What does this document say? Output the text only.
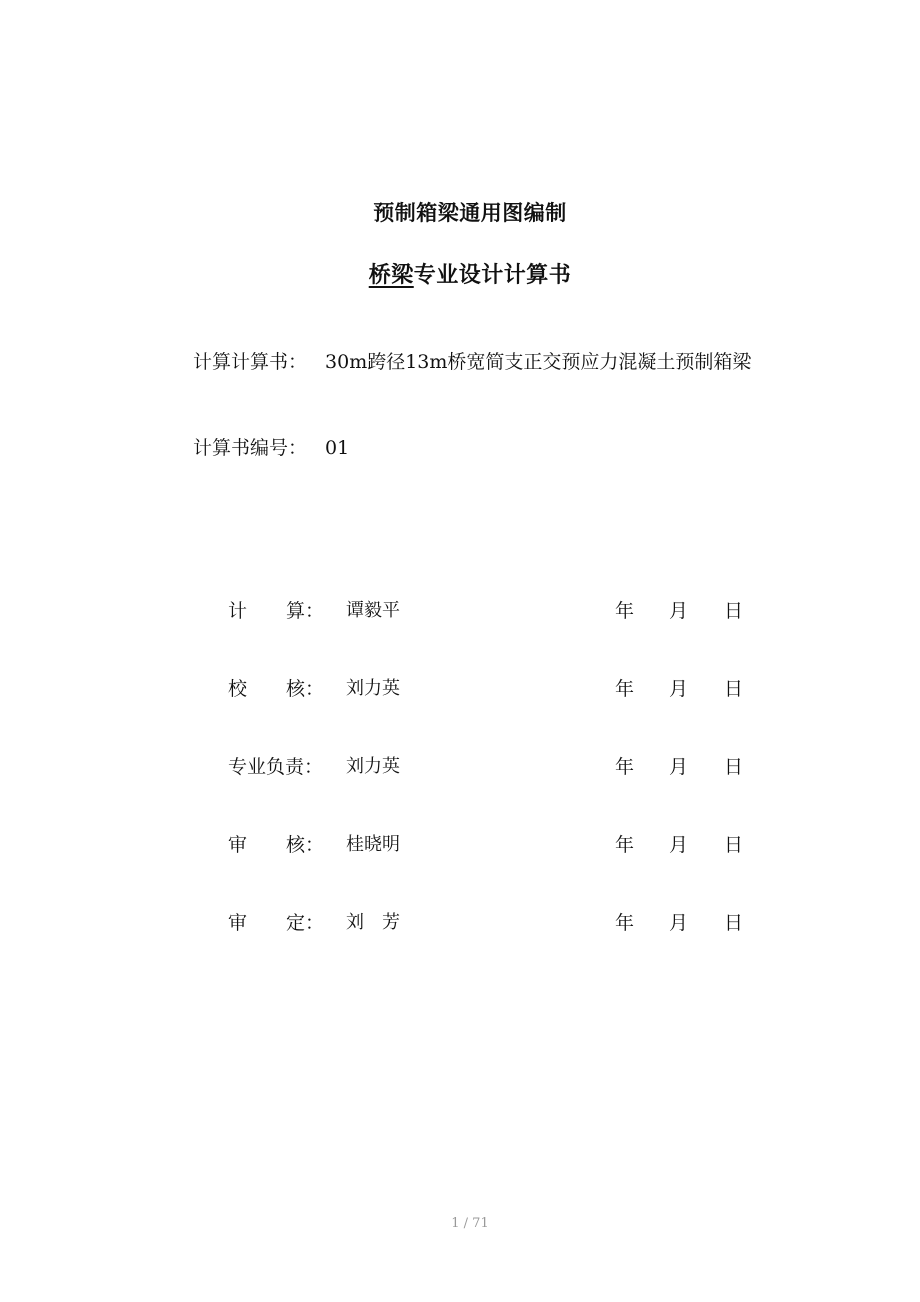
预制箱梁通用图编制
桥梁专业设计计算书
计算计算书： 30m跨径13m桥宽简支正交预应力混凝土预制箱梁
计算书编号： 01
计 算： 谭毅平	年 月 日
校 核： 刘力英	年 月 日
专业负责： 刘力英	年 月 日
审 核： 桂晓明	年 月 日
审 定： 刘　芳	年 月 日
1 / 71
